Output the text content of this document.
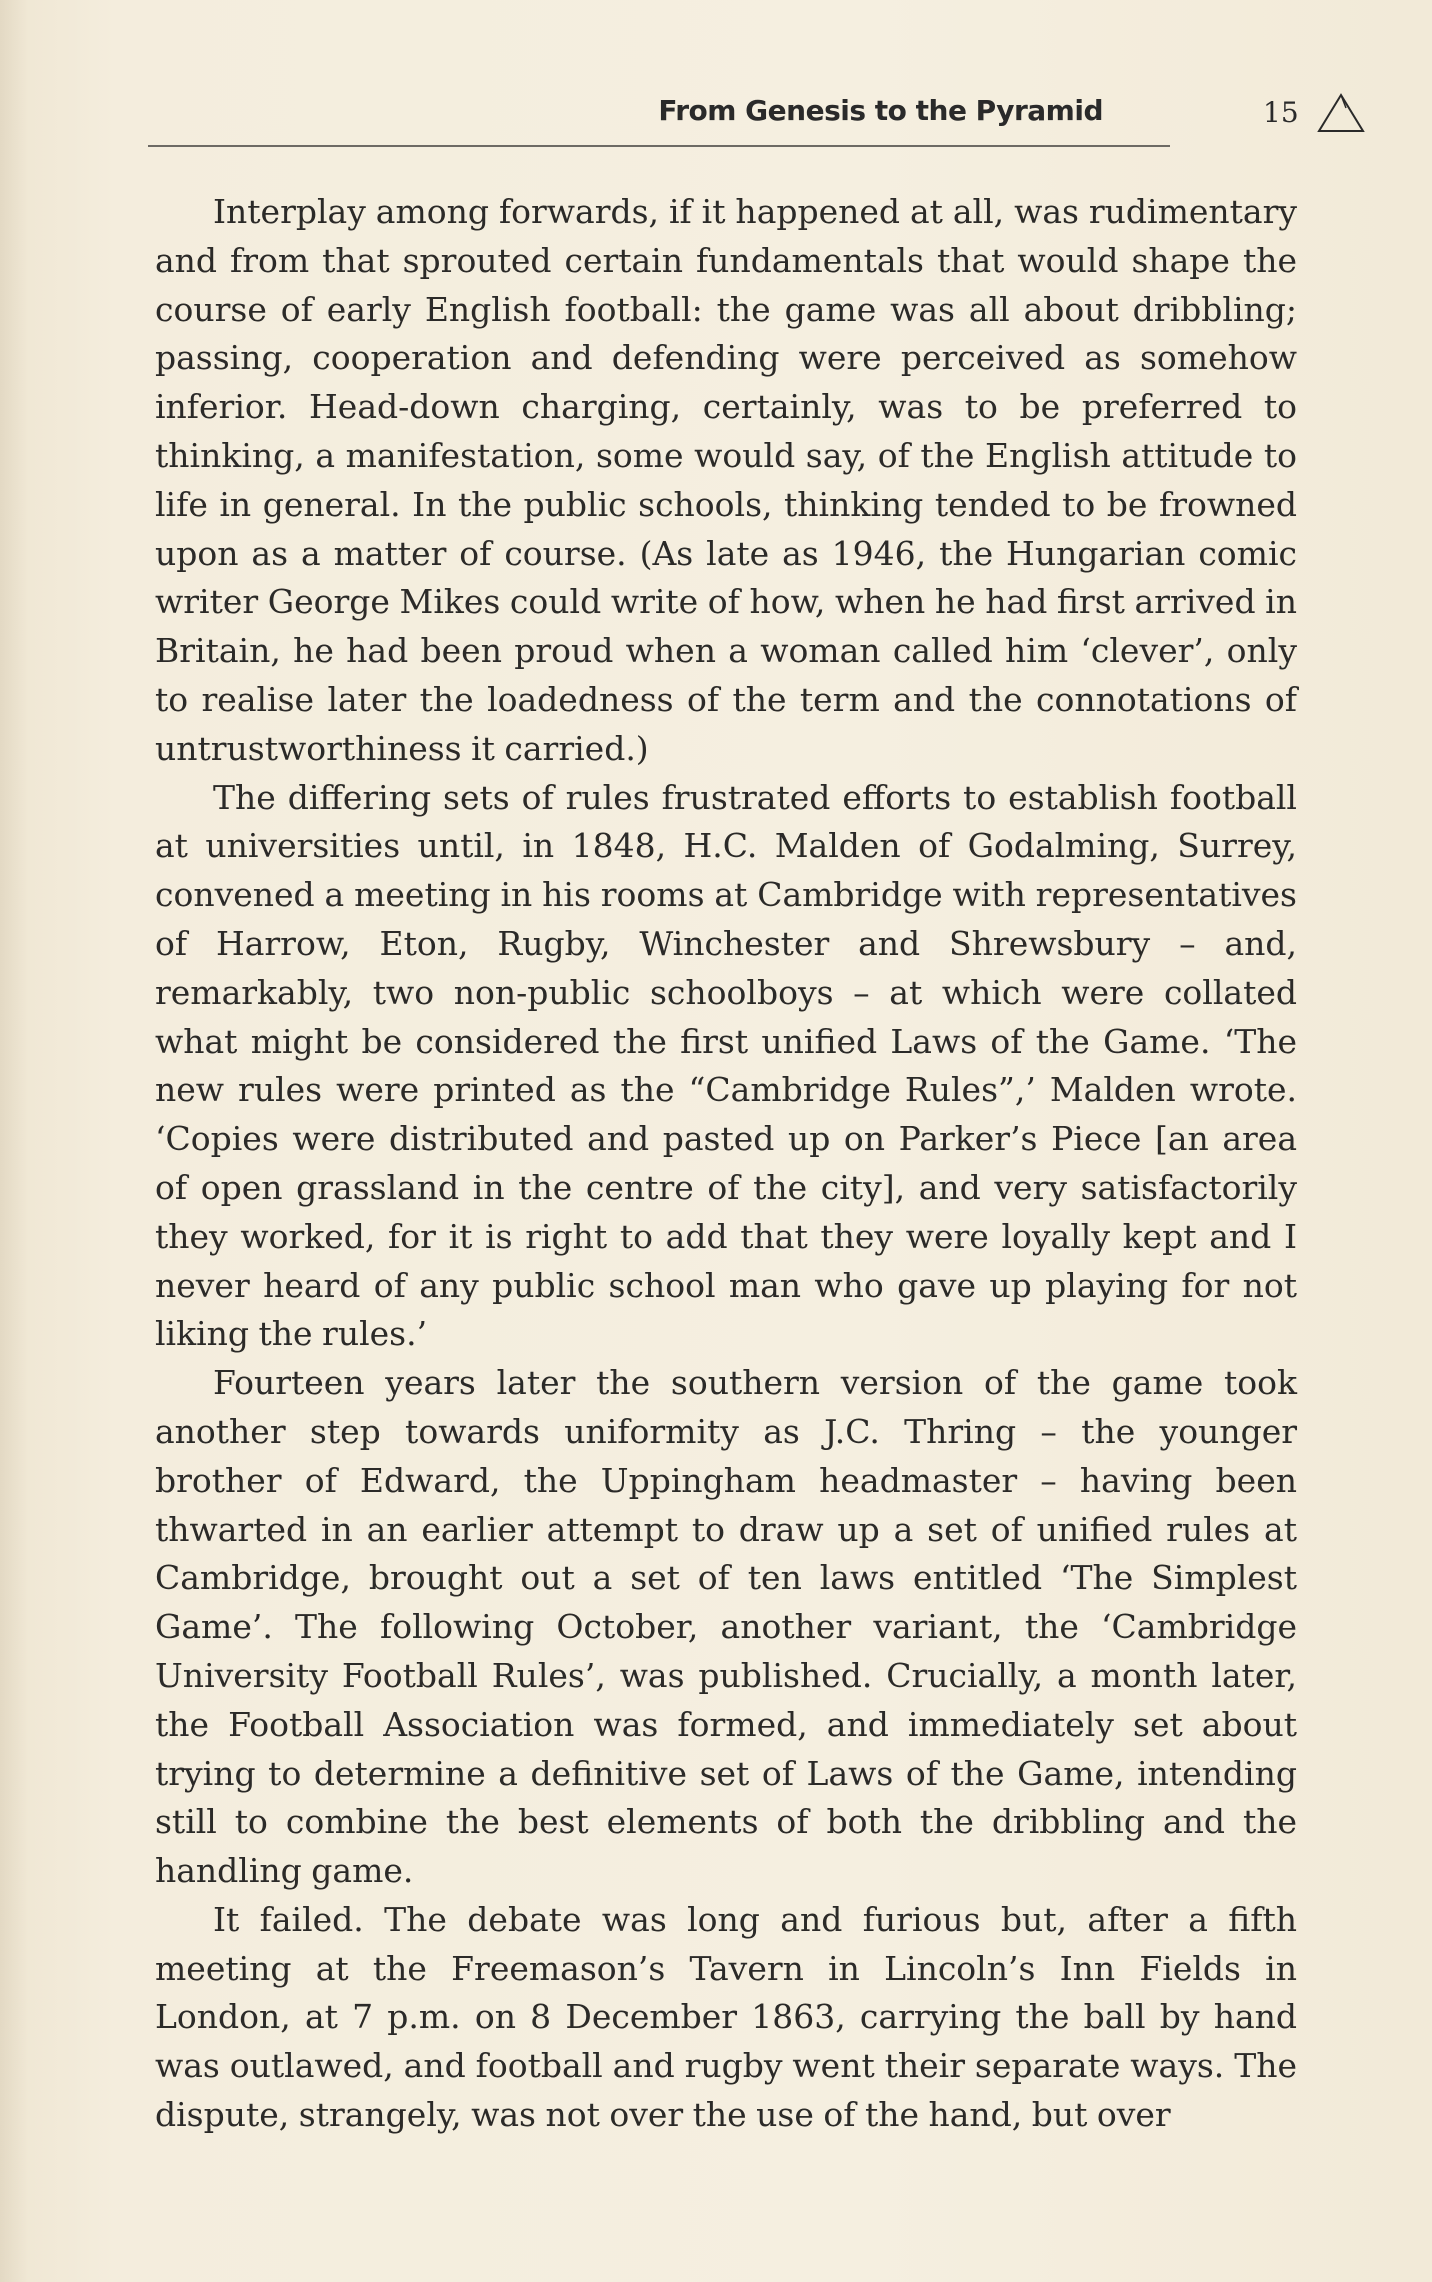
From Genesis to the Pyramid	15

Interplay among forwards, if it happened at all, was rudimentary and from that sprouted certain fundamentals that would shape the course of early English football: the game was all about dribbling; passing, cooperation and defending were perceived as somehow inferior. Head-down charging, certainly, was to be preferred to thinking, a manifestation, some would say, of the English attitude to life in general. In the public schools, thinking tended to be frowned upon as a matter of course. (As late as 1946, the Hungarian comic writer George Mikes could write of how, when he had first arrived in Britain, he had been proud when a woman called him ‘clever’, only to realise later the loadedness of the term and the connotations of untrustworthiness it carried.)

The differing sets of rules frustrated efforts to establish football at universities until, in 1848, H.C. Malden of Godalming, Surrey, convened a meeting in his rooms at Cambridge with representatives of Harrow, Eton, Rugby, Winchester and Shrewsbury – and, remarkably, two non-public schoolboys – at which were collated what might be considered the first unified Laws of the Game. ‘The new rules were printed as the “Cambridge Rules”,’ Malden wrote. ‘Copies were distributed and pasted up on Parker’s Piece [an area of open grassland in the centre of the city], and very satisfactorily they worked, for it is right to add that they were loyally kept and I never heard of any public school man who gave up playing for not liking the rules.’

Fourteen years later the southern version of the game took another step towards uniformity as J.C. Thring – the younger brother of Edward, the Uppingham headmaster – having been thwarted in an earlier attempt to draw up a set of unified rules at Cambridge, brought out a set of ten laws entitled ‘The Simplest Game’. The following October, another variant, the ‘Cambridge University Football Rules’, was published. Crucially, a month later, the Football Association was formed, and immediately set about trying to determine a definitive set of Laws of the Game, intending still to combine the best elements of both the dribbling and the handling game.

It failed. The debate was long and furious but, after a fifth meeting at the Freemason’s Tavern in Lincoln’s Inn Fields in London, at 7 p.m. on 8 December 1863, carrying the ball by hand was outlawed, and football and rugby went their separate ways. The dispute, strangely, was not over the use of the hand, but over
